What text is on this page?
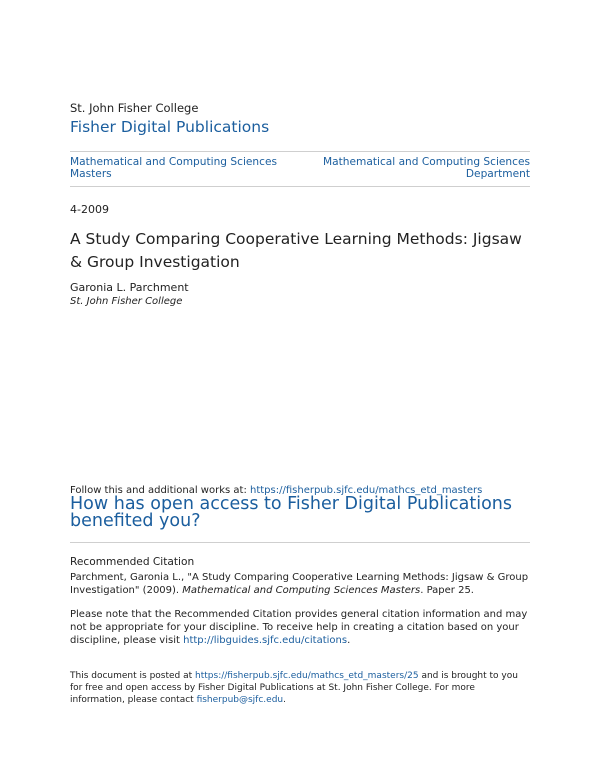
St. John Fisher College
Fisher Digital Publications
Mathematical and Computing Sciences Masters
Mathematical and Computing Sciences Department
4-2009
A Study Comparing Cooperative Learning Methods: Jigsaw & Group Investigation
Garonia L. Parchment
St. John Fisher College
Follow this and additional works at: https://fisherpub.sjfc.edu/mathcs_etd_masters
How has open access to Fisher Digital Publications benefited you?
Recommended Citation
Parchment, Garonia L., "A Study Comparing Cooperative Learning Methods: Jigsaw & Group Investigation" (2009). Mathematical and Computing Sciences Masters. Paper 25.
Please note that the Recommended Citation provides general citation information and may not be appropriate for your discipline. To receive help in creating a citation based on your discipline, please visit http://libguides.sjfc.edu/citations.
This document is posted at https://fisherpub.sjfc.edu/mathcs_etd_masters/25 and is brought to you for free and open access by Fisher Digital Publications at St. John Fisher College. For more information, please contact fisherpub@sjfc.edu.
